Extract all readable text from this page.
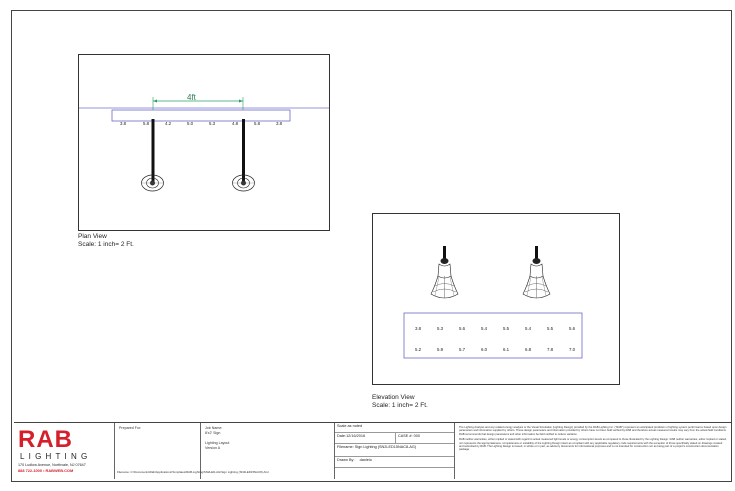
4ft
3.8	5.8	4.2	5.0	5.3	4.8	5.8	3.8
Plan View
Scale: 1 inch= 2 Ft.
3.8	5.3	5.6	5.4	5.5	5.4	5.5	5.6
5.2	5.9	5.7	6.0	6.1	6.8	7.8	7.0
Elevation View
Scale: 1 inch= 2 Ft.
RAB
LIGHTING
170 Ludlow Avenue, Northvale, NJ 07647
888 722-1000 • RABWEB.COM
Prepared For:	Job Name:
8'x2' Sign
Lighting Layout
Version A
Scale as noted
Date:12/16/2016	CASE #: 000
Filename: Sign Lighting (SN2LED15NAC8-AG)
Drawn By: danielo
The Lighting Analysis and any related energy analysis or the Visual Simulation (Lighting Design) provided by the RAB Lighting Inc. ("RAB") represent an anticipated prediction of lighting system performance based upon design parameters and information supplied by others. These design parameters and information provided by others have not been field verified by RAB and therefore actual measured results may vary from the actual field conditions. RAB recommends that design parameters and other information be field verified to reduce variation.
RAB neither warranties, either implied or stated with regard to actual measured light levels or energy consumption levels as compared to those illustrated by the Lighting Design. RAB neither warranties, either implied or stated, nor represents the appropriateness, completeness or suitability of the Lighting Design intent as compliant with any applicable regulatory code requirements with the exception of those specifically stated on drawings created and submitted by RAB. The Lighting Design is issued, in whole or in part, as advisory documents for informational purposes and is not intended for construction nor as being part of a project's construction documentation package.
Filename: C:\Documents\Rab\Applications\Templates\RAB-Lighting\SN2LED-AG\Sign Lighting (SN2LED15NAC8).AGI
